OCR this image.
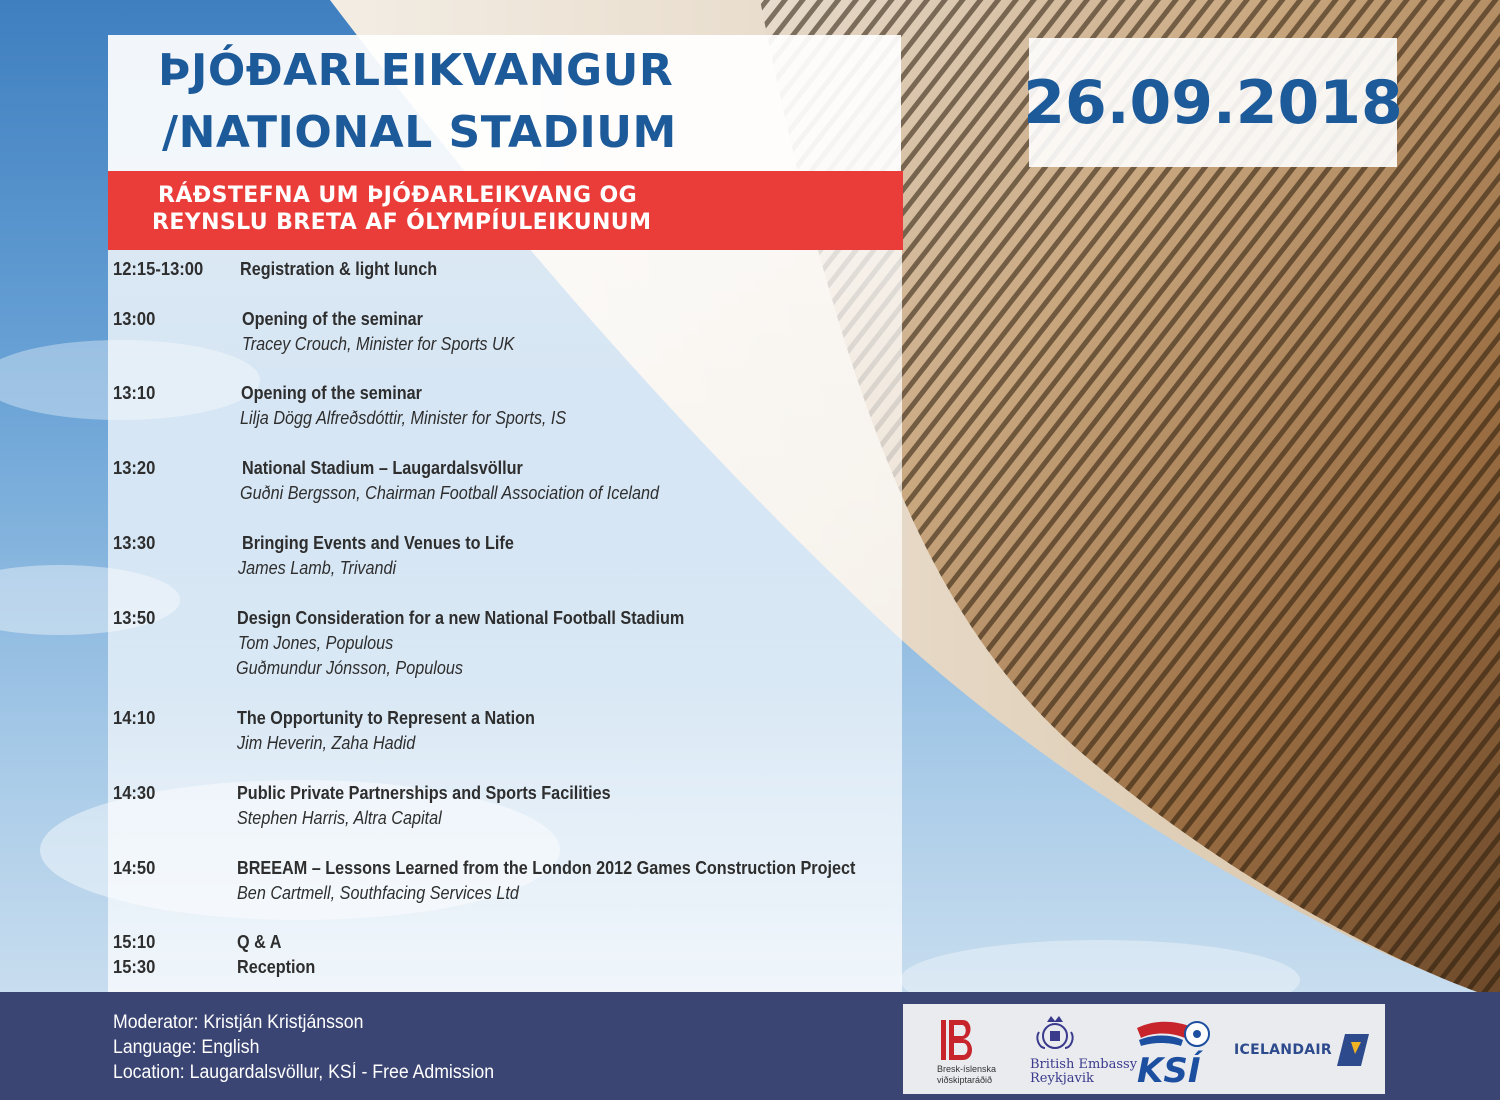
ÞJÓÐARLEIKVANGUR
/NATIONAL STADIUM	26.09.2018
RÁÐSTEFNA UM ÞJÓÐARLEIKVANG OG
REYNSLU BRETA AF ÓLYMPÍULEIKUNUM
12:15-13:00 Registration & light lunch
13:00	Opening of the seminar
Tracey Crouch, Minister for Sports UK
13:10	Opening of the seminar
Lilja Dögg Alfreðsdóttir, Minister for Sports, IS
13:20	National Stadium – Laugardalsvöllur
Guðni Bergsson, Chairman Football Association of Iceland
13:30	Bringing Events and Venues to Life
James Lamb, Trivandi
13:50	Design Consideration for a new National Football Stadium
Tom Jones, Populous
Guðmundur Jónsson, Populous
14:10	The Opportunity to Represent a Nation
Jim Heverin, Zaha Hadid
14:30	Public Private Partnerships and Sports Facilities
Stephen Harris, Altra Capital
14:50	BREEAM – Lessons Learned from the London 2012 Games Construction Project
Ben Cartmell, Southfacing Services Ltd
15:10	Q & A
15:30	Reception
Moderator: Kristján Kristjánsson
Language: English
Location: Laugardalsvöllur, KSÍ - Free Admission	Bresk-íslenska
viðskiptaráðið
British Embassy
Reykjavik	KSÍ
ICELANDAIR
